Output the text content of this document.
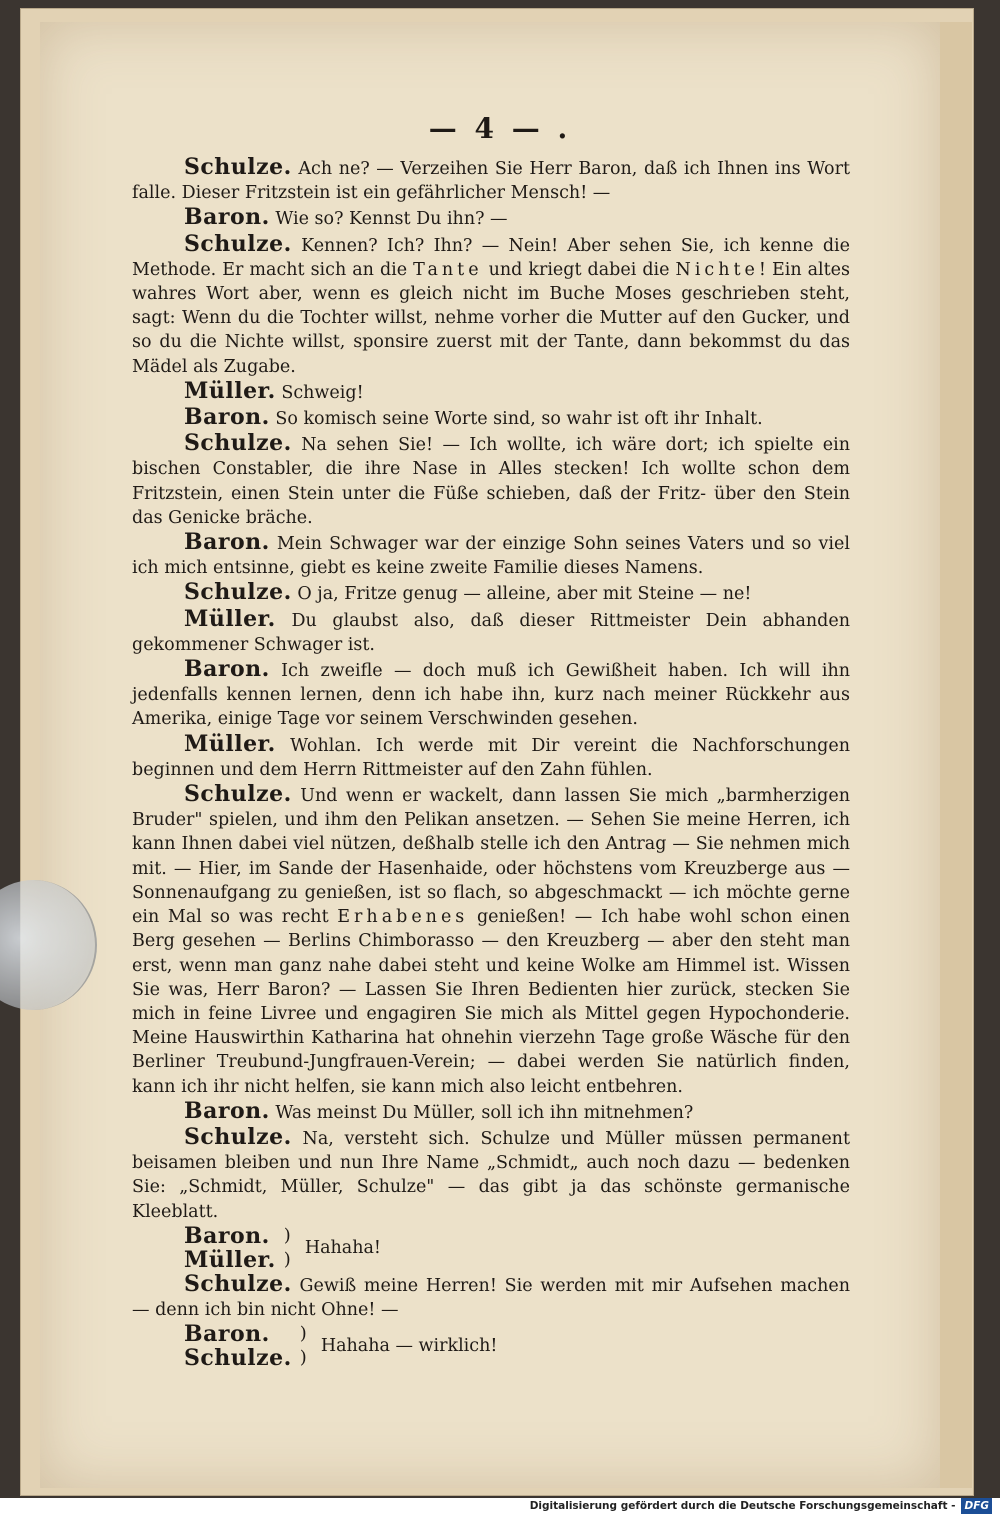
— 4 — .

Schulze. Ach ne? — Verzeihen Sie Herr Baron, daß ich Ihnen ins Wort falle. Dieser Fritzstein ist ein gefährlicher Mensch! —

Baron. Wie so? Kennst Du ihn? —

Schulze. Kennen? Ich? Ihn? — Nein! Aber sehen Sie, ich kenne die Methode. Er macht sich an die Tante und kriegt dabei die Nichte! Ein altes wahres Wort aber, wenn es gleich nicht im Buche Moses geschrieben steht, sagt: Wenn du die Tochter willst, nehme vorher die Mutter auf den Gucker, und so du die Nichte willst, sponsire zuerst mit der Tante, dann bekommst du das Mädel als Zugabe.

Müller. Schweig!

Baron. So komisch seine Worte sind, so wahr ist oft ihr Inhalt.

Schulze. Na sehen Sie! — Ich wollte, ich wäre dort; ich spielte ein bischen Constabler, die ihre Nase in Alles stecken! Ich wollte schon dem Fritzstein, einen Stein unter die Füße schieben, daß der Fritz- über den Stein das Genicke bräche.

Baron. Mein Schwager war der einzige Sohn seines Vaters und so viel ich mich entsinne, giebt es keine zweite Familie dieses Namens.

Schulze. O ja, Fritze genug — alleine, aber mit Steine — ne!

Müller. Du glaubst also, daß dieser Rittmeister Dein abhanden gekommener Schwager ist.

Baron. Ich zweifle — doch muß ich Gewißheit haben. Ich will ihn jedenfalls kennen lernen, denn ich habe ihn, kurz nach meiner Rückkehr aus Amerika, einige Tage vor seinem Verschwinden gesehen.

Müller. Wohlan. Ich werde mit Dir vereint die Nachforschungen beginnen und dem Herrn Rittmeister auf den Zahn fühlen.

Schulze. Und wenn er wackelt, dann lassen Sie mich „barmherzigen Bruder" spielen, und ihm den Pelikan ansetzen. — Sehen Sie meine Herren, ich kann Ihnen dabei viel nützen, deßhalb stelle ich den Antrag — Sie nehmen mich mit. — Hier, im Sande der Hasenhaide, oder höchstens vom Kreuzberge aus — Sonnenaufgang zu genießen, ist so flach, so abgeschmackt — ich möchte gerne ein Mal so was recht Erhabenes genießen! — Ich habe wohl schon einen Berg gesehen — Berlins Chimborasso — den Kreuzberg — aber den steht man erst, wenn man ganz nahe dabei steht und keine Wolke am Himmel ist. Wissen Sie was, Herr Baron? — Lassen Sie Ihren Bedienten hier zurück, stecken Sie mich in feine Livree und engagiren Sie mich als Mittel gegen Hypochonderie. Meine Hauswirthin Katharina hat ohnehin vierzehn Tage große Wäsche für den Berliner Treubund-Jungfrauen-Verein; — dabei werden Sie natürlich finden, kann ich ihr nicht helfen, sie kann mich also leicht entbehren.

Baron. Was meinst Du Müller, soll ich ihn mitnehmen?

Schulze. Na, versteht sich. Schulze und Müller müssen permanent beisamen bleiben und nun Ihre Name „Schmidt„ auch noch dazu — bedenken Sie: „Schmidt, Müller, Schulze" — das gibt ja das schönste germanische Kleeblatt.

Baron.
Müller.
)
)
Hahaha!

Schulze. Gewiß meine Herren! Sie werden mit mir Aufsehen machen — denn ich bin nicht Ohne! —

Baron.
Schulze.
)
)
Hahaha — wirklich!
Digitalisierung gefördert durch die Deutsche Forschungsgemeinschaft - DFG
